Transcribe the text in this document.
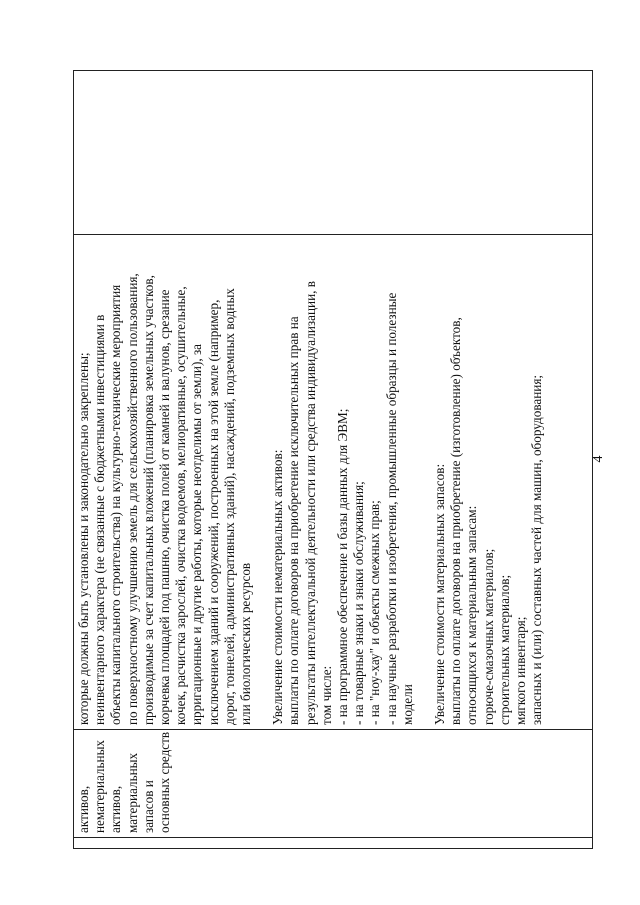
4

активов, нематериальных активов, материальных запасов и основных средств

которые должны быть установлены и законодательно закреплены; неинвентарного характера (не связанные с бюджетными инвестициями в объекты капитального строительства) на культурно-технические мероприятия по поверхностному улучшению земель для сельскохозяйственного пользования, производимые за счет капитальных вложений (планировка земельных участков, корчевка площадей под пашню, очистка полей от камней и валунов, срезание кочек, расчистка зарослей, очистка водоемов, мелиоративные, осушительные, ирригационные и другие работы, которые неотделимы от земли), за исключением зданий и сооружений, построенных на этой земле (например, дорог, тоннелей, административных зданий), насаждений, подземных водных или биологических ресурсов Увеличение стоимости нематериальных активов: выплаты по оплате договоров на приобретение исключительных прав на результаты интеллектуальной деятельности или средства индивидуализации, в том числе: - на программное обеспечение и базы данных для ЭВМ; - на товарные знаки и знаки обслуживания; - на "ноу-хау" и объекты смежных прав; - на научные разработки и изобретения, промышленные образцы и полезные модели Увеличение стоимости материальных запасов: выплаты по оплате договоров на приобретение (изготовление) объектов, относящихся к материальным запасам: горюче-смазочных материалов; строительных материалов; мягкого инвентаря; запасных и (или) составных частей для машин, оборудования;
